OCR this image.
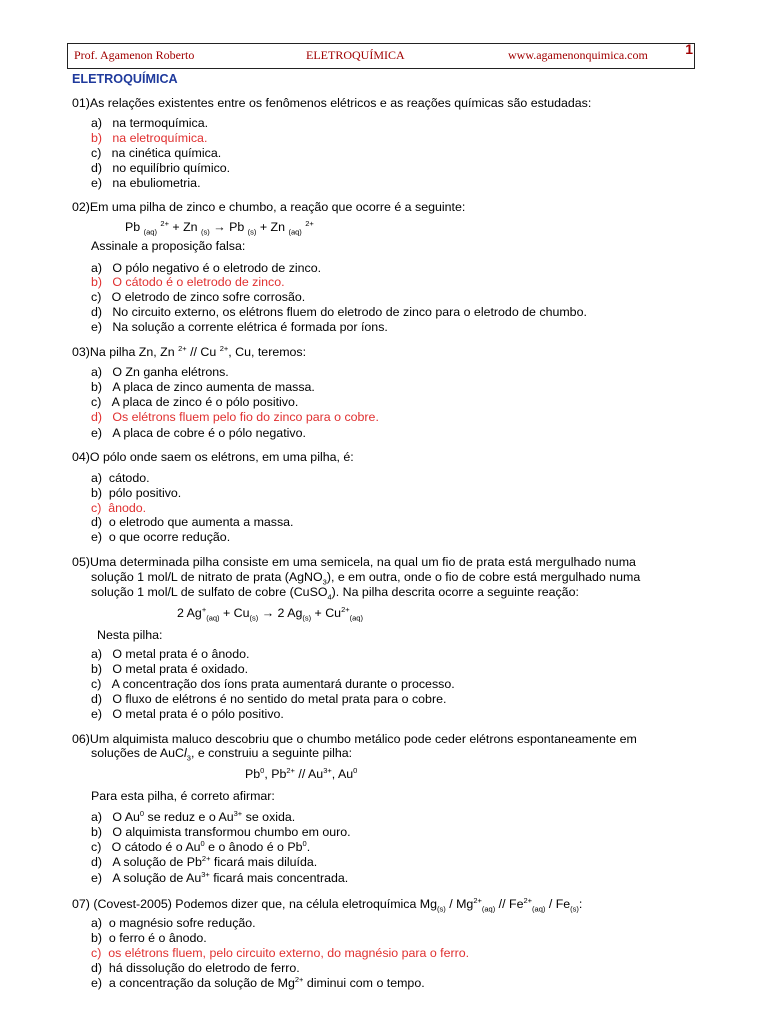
Prof. Agamenon Roberto	ELETROQUÍMICA	www.agamenonquimica.com	1
ELETROQUÍMICA
01)As relações existentes entre os fenômenos elétricos e as reações químicas são estudadas:
a)   na termoquímica.
b)   na eletroquímica.
c)   na cinética química.
d)   no equilíbrio químico.
e)   na ebuliometria.
02)Em uma pilha de zinco e chumbo, a reação que ocorre é a seguinte:
Pb $_{(aq)}$ $^{2+}$ + Zn $_{(s)}$ → Pb $_{(s)}$ + Zn $_{(aq)}$ $^{2+}$
Assinale a proposição falsa:
a)   O pólo negativo é o eletrodo de zinco.
b)   O cátodo é o eletrodo de zinco.
c)   O eletrodo de zinco sofre corrosão.
d)   No circuito externo, os elétrons fluem do eletrodo de zinco para o eletrodo de chumbo.
e)   Na solução a corrente elétrica é formada por íons.
03)Na pilha Zn, Zn $^{2+}$ // Cu $^{2+}$, Cu, teremos:
a)   O Zn ganha elétrons.
b)   A placa de zinco aumenta de massa.
c)   A placa de zinco é o pólo positivo.
d)   Os elétrons fluem pelo fio do zinco para o cobre.
e)   A placa de cobre é o pólo negativo.
04)O pólo onde saem os elétrons, em uma pilha, é:
a)  cátodo.
b)  pólo positivo.
c)  ânodo.
d)  o eletrodo que aumenta a massa.
e)  o que ocorre redução.
05)Uma determinada pilha consiste em uma semicela, na qual um fio de prata está mergulhado numa
solução 1 mol/L de nitrato de prata (AgNO$_3$), e em outra, onde o fio de cobre está mergulhado numa
solução 1 mol/L de sulfato de cobre (CuSO$_4$). Na pilha descrita ocorre a seguinte reação:
2 $Ag^+_{(aq)} + Cu_{(s)} \to 2$ $Ag_{(s)} + Cu^{2+}_{(aq)}$
Nesta pilha:
a)   O metal prata é o ânodo.
b)   O metal prata é oxidado.
c)   A concentração dos íons prata aumentará durante o processo.
d)   O fluxo de elétrons é no sentido do metal prata para o cobre.
e)   O metal prata é o pólo positivo.
06)Um alquimista maluco descobriu que o chumbo metálico pode ceder elétrons espontaneamente em
soluções de AuCl$_3$, e construiu a seguinte pilha:
Pb$^0$, $Pb^{2+} // Au^{3+}$, Au$^0$
Para esta pilha, é correto afirmar:
a)   O Au$^0$ se reduz e o $Au^{3+}$ se oxida.
b)   O alquimista transformou chumbo em ouro.
c)   O cátodo é o Au$^0$ e o ânodo é o Pb$^0$.
d)   A solução de $Pb^{2+}$ ficará mais diluída.
e)   A solução de $Au^{3+}$ ficará mais concentrada.
07) (Covest-2005) Podemos dizer que, na célula eletroquímica $Mg_{(s)} / Mg^{2+}_{(aq)} // Fe^{2+}_{(aq)} / Fe_{(s)}$:
a)  o magnésio sofre redução.
b)  o ferro é o ânodo.
c)  os elétrons fluem, pelo circuito externo, do magnésio para o ferro.
d)  há dissolução do eletrodo de ferro.
e)  a concentração da solução de $Mg^{2+}$ diminui com o tempo.
